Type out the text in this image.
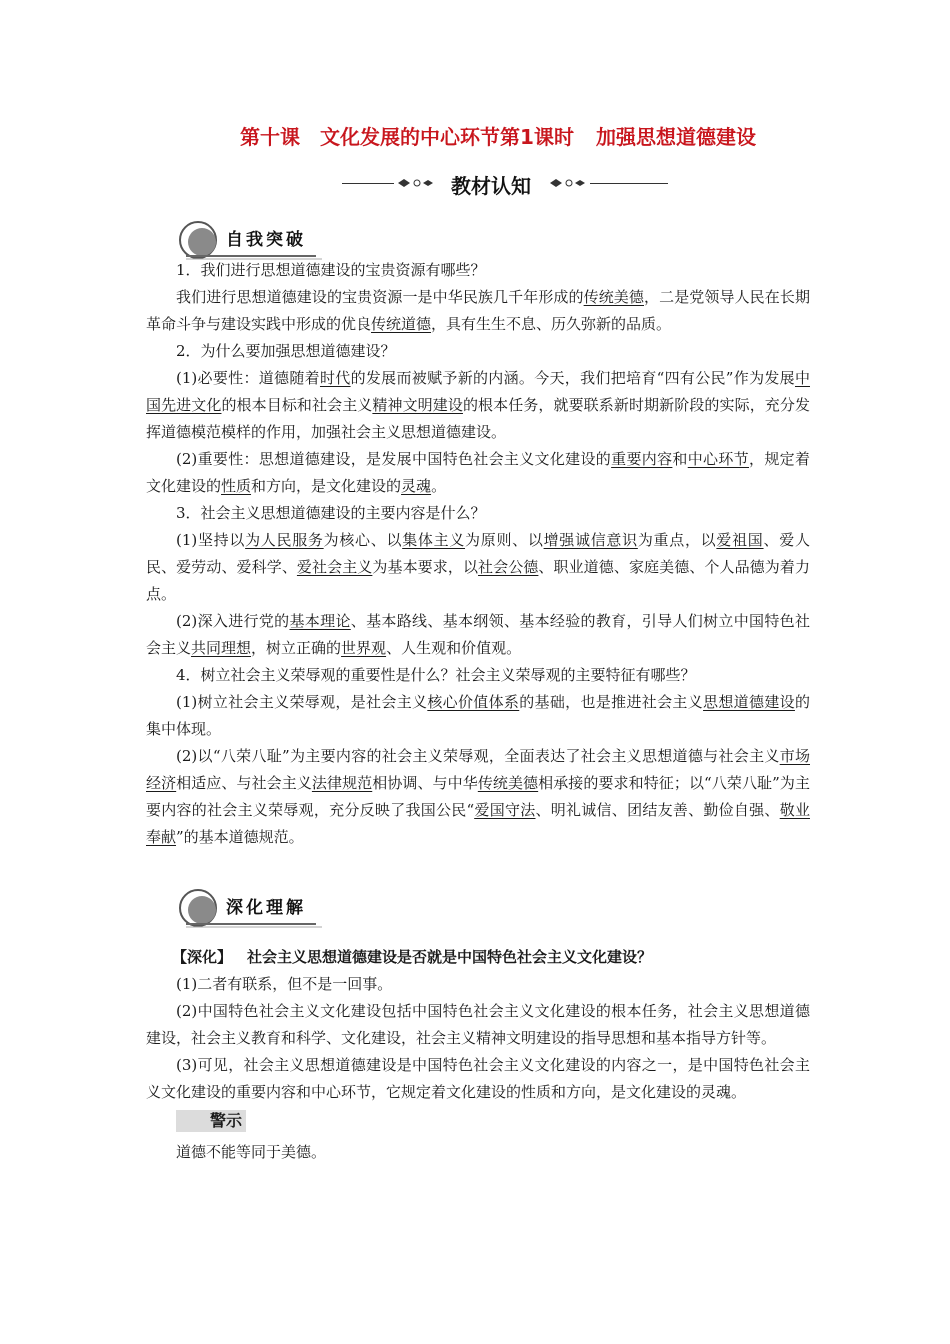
第十课　文化发展的中心环节第1课时 加强思想道德建设
教材认知
自我突破

1．我们进行思想道德建设的宝贵资源有哪些？

我们进行思想道德建设的宝贵资源一是中华民族几千年形成的传统美德，二是党领导人民在长期革命斗争与建设实践中形成的优良传统道德，具有生生不息、历久弥新的品质。

2．为什么要加强思想道德建设？

(1)必要性：道德随着时代的发展而被赋予新的内涵。今天，我们把培育“四有公民”作为发展中国先进文化的根本目标和社会主义精神文明建设的根本任务，就要联系新时期新阶段的实际，充分发挥道德模范模样的作用，加强社会主义思想道德建设。

(2)重要性：思想道德建设，是发展中国特色社会主义文化建设的重要内容和中心环节，规定着文化建设的性质和方向，是文化建设的灵魂。

3．社会主义思想道德建设的主要内容是什么？

(1)坚持以为人民服务为核心、以集体主义为原则、以增强诚信意识为重点，以爱祖国、爱人民、爱劳动、爱科学、爱社会主义为基本要求，以社会公德、职业道德、家庭美德、个人品德为着力点。

(2)深入进行党的基本理论、基本路线、基本纲领、基本经验的教育，引导人们树立中国特色社会主义共同理想，树立正确的世界观、人生观和价值观。

4．树立社会主义荣辱观的重要性是什么？社会主义荣辱观的主要特征有哪些？

(1)树立社会主义荣辱观，是社会主义核心价值体系的基础，也是推进社会主义思想道德建设的集中体现。

(2)以“八荣八耻”为主要内容的社会主义荣辱观，全面表达了社会主义思想道德与社会主义市场经济相适应、与社会主义法律规范相协调、与中华传统美德相承接的要求和特征；以“八荣八耻”为主要内容的社会主义荣辱观，充分反映了我国公民“爱国守法、明礼诚信、团结友善、勤俭自强、敬业奉献”的基本道德规范。

深化理解

【深化】  社会主义思想道德建设是否就是中国特色社会主义文化建设？

(1)二者有联系，但不是一回事。

(2)中国特色社会主义文化建设包括中国特色社会主义文化建设的根本任务，社会主义思想道德建设，社会主义教育和科学、文化建设，社会主义精神文明建设的指导思想和基本指导方针等。

(3)可见，社会主义思想道德建设是中国特色社会主义文化建设的内容之一，是中国特色社会主义文化建设的重要内容和中心环节，它规定着文化建设的性质和方向，是文化建设的灵魂。

警示

道德不能等同于美德。
